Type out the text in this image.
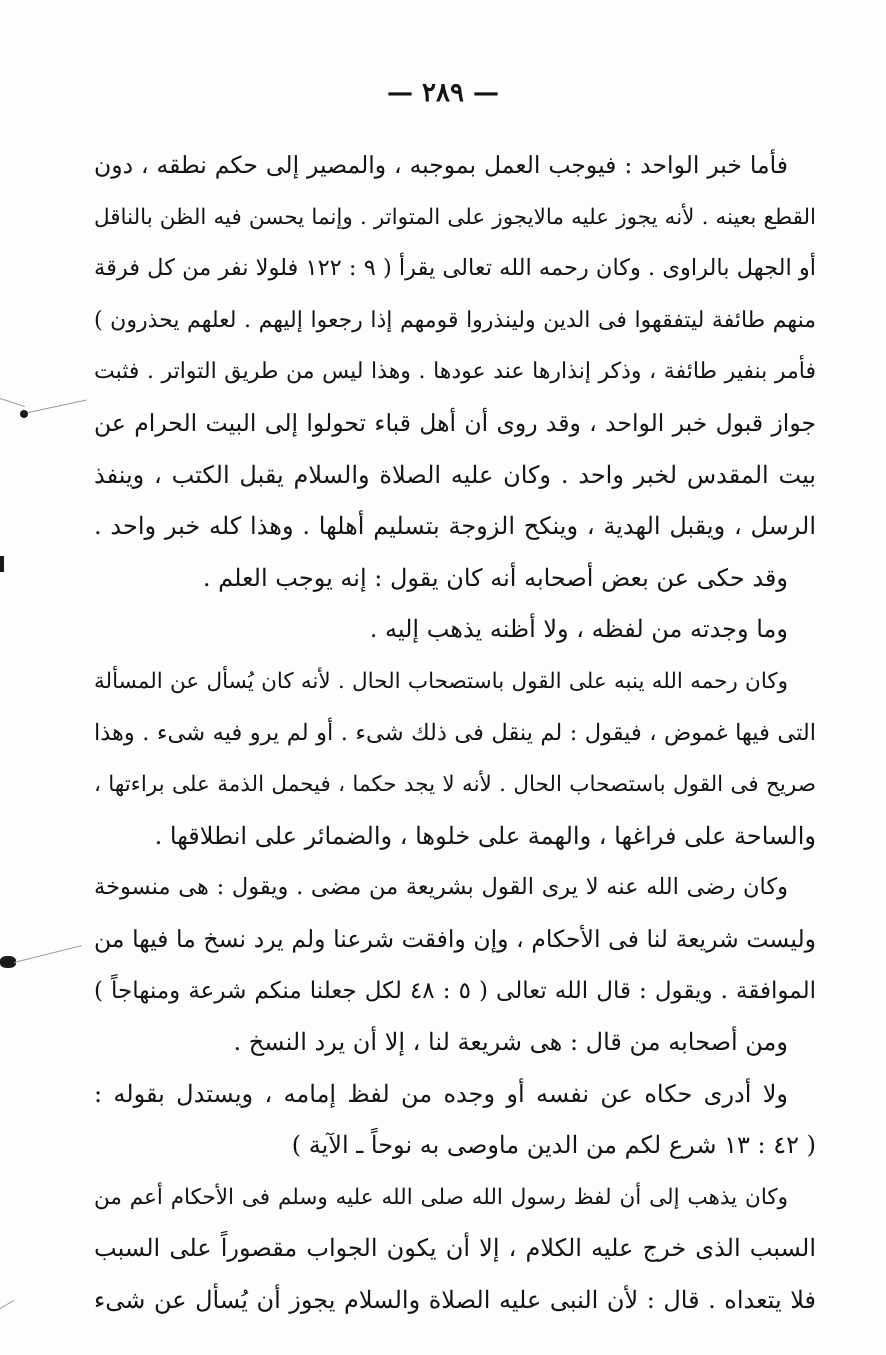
— ٢٨٩ —
فأما خبر الواحد : فيوجب العمل بموجبه ، والمصير إلى حكم نطقه ، دون
القطع بعينه . لأنه يجوز عليه مالايجوز على المتواتر . وإنما يحسن فيه الظن بالناقل
أو الجهل بالراوى . وكان رحمه الله تعالى يقرأ ( ٩ : ١٢٢ فلولا نفر من كل فرقة
منهم طائفة ليتفقهوا فى الدين ولينذروا قومهم إذا رجعوا إليهم . لعلهم يحذرون )
فأمر بنفير طائفة ، وذكر إنذارها عند عودها . وهذا ليس من طريق التواتر . فثبت
جواز قبول خبر الواحد ، وقد روى أن أهل قباء تحولوا إلى البيت الحرام عن
بيت المقدس لخبر واحد . وكان عليه الصلاة والسلام يقبل الكتب ، وينفذ
الرسل ، ويقبل الهدية ، وينكح الزوجة بتسليم أهلها . وهذا كله خبر واحد .
وقد حكى عن بعض أصحابه أنه كان يقول : إنه يوجب العلم .
وما وجدته من لفظه ، ولا أظنه يذهب إليه .
وكان رحمه الله ينبه على القول باستصحاب الحال . لأنه كان يُسأل عن المسألة
التى فيها غموض ، فيقول : لم ينقل فى ذلك شىء . أو لم يرو فيه شىء . وهذا
صريح فى القول باستصحاب الحال . لأنه لا يجد حكما ، فيحمل الذمة على براءتها ،
والساحة على فراغها ، والهمة على خلوها ، والضمائر على انطلاقها .
وكان رضى الله عنه لا يرى القول بشريعة من مضى . ويقول : هى منسوخة
وليست شريعة لنا فى الأحكام ، وإن وافقت شرعنا ولم يرد نسخ ما فيها من
الموافقة . ويقول : قال الله تعالى ( ٥ : ٤٨ لكل جعلنا منكم شرعة ومنهاجاً )
ومن أصحابه من قال : هى شريعة لنا ، إلا أن يرد النسخ .
ولا أدرى حكاه عن نفسه أو وجده من لفظ إمامه ، ويستدل بقوله :
( ٤٢ : ١٣ شرع لكم من الدين ماوصى به نوحاً ـ الآية )
وكان يذهب إلى أن لفظ رسول الله صلى الله عليه وسلم فى الأحكام أعم من
السبب الذى خرج عليه الكلام ، إلا أن يكون الجواب مقصوراً على السبب
فلا يتعداه . قال : لأن النبى عليه الصلاة والسلام يجوز أن يُسأل عن شىء
